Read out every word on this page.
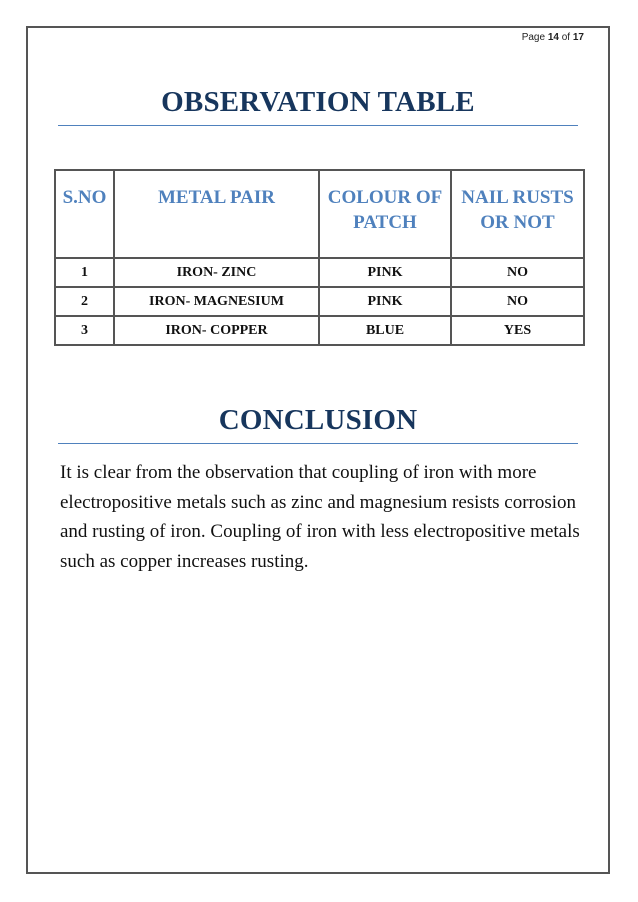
Page 14 of 17
OBSERVATION TABLE
S.NO	METAL PAIR	COLOUR OF PATCH	NAIL RUSTS OR NOT
1	IRON- ZINC	PINK	NO
2	IRON- MAGNESIUM	PINK	NO
3	IRON- COPPER	BLUE	YES
CONCLUSION

It is clear from the observation that coupling of iron with more electropositive metals such as zinc and magnesium resists corrosion and rusting of iron. Coupling of iron with less electropositive metals such as copper increases rusting.
